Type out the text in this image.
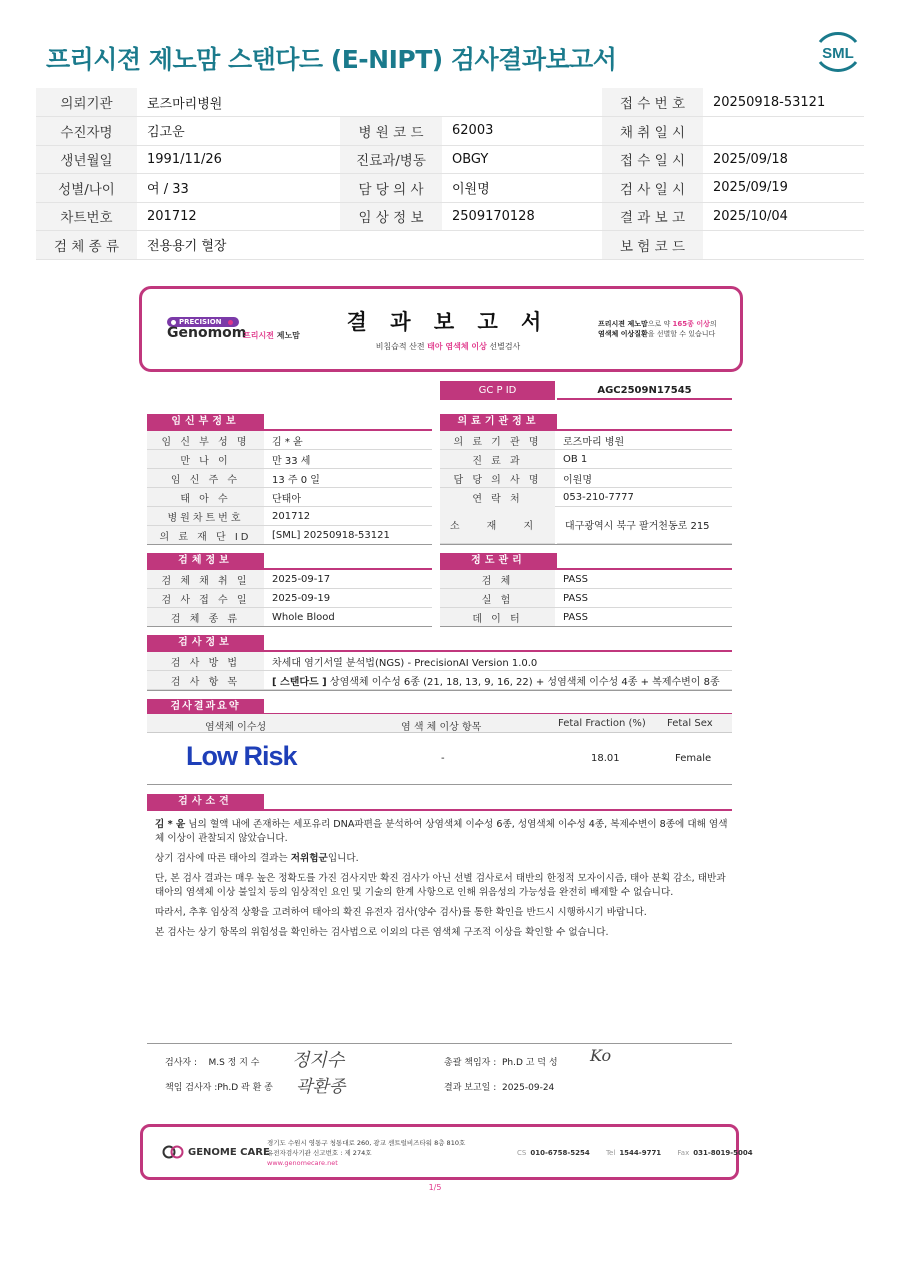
프리시젼 제노맘 스탠다드 (E-NIPT) 검사결과보고서	SML
의뢰기관	로즈마리병원			접 수 번 호	20250918-53121
수진자명	김고운	병 원 코 드	62003	채 취 일 시	
생년월일	1991/11/26	진료과/병동	OBGY	접 수 일 시	2025/09/18
성별/나이	여 / 33	담 당 의 사	이원명	검 사 일 시	2025/09/19
차트번호	201712	임 상 정 보	2509170128	결 과 보 고	2025/10/04
검 체 종 류	전용용기 혈장			보 험 코 드	
PRECISION
Genomom
프리시젼 제노맘
결 과 보 고 서
비침습적 산전 태아 염색체 이상 선별검사
프리시젼 제노맘으로 약 165종 이상의
염색체 이상질환을 선별할 수 있습니다
GC P ID	AGC2509N17545
임신부정보
임 신 부 성 명	김 * 윤
만 나 이	만 33 세
임 신 주 수	13 주 0 일
태 아 수	단태아
병원차트번호	201712
의 료 재 단 ID	[SML] 20250918-53121
의료기관정보
의 료 기 관 명	로즈마리 병원
진 료 과	OB 1
담 당 의 사 명	이원명
연 락 처	053-210-7777
소 재 지	대구광역시 북구 팔거천동로 215
검체정보
검 체 채 취 일	2025-09-17
검 사 접 수 일	2025-09-19
검 체 종 류	Whole Blood
정도관리
검 체	PASS
실 험	PASS
데 이 터	PASS
검사정보
검 사 방 법	차세대 염기서열 분석법(NGS) - PrecisionAI Version 1.0.0
검 사 항 목	[ 스탠다드 ] 상염색체 이수성 6종 (21, 18, 13, 9, 16, 22) + 성염색체 이수성 4종 + 복제수변이 8종
검사결과요약
염색체 이수성	염 색 체 이상 항목	Fetal Fraction (%) Fetal Sex
Low Risk	-	18.01	Female
검사소견
김 * 윤 님의 혈액 내에 존재하는 세포유리 DNA파편을 분석하여 상염색체 이수성 6종, 성염색체 이수성 4종, 복제수변이 8종에 대해 염색체 이상이 관찰되지 않았습니다.
상기 검사에 따른 태아의 결과는 저위험군입니다.
단, 본 검사 결과는 매우 높은 정확도를 가진 검사지만 확진 검사가 아닌 선별 검사로서 태반의 한정적 모자이시즘, 태아 분획 감소, 태반과 태아의 염색체 이상 불일치 등의 임상적인 요인 및 기술의 한계 사항으로 인해 위음성의 가능성을 완전히 배제할 수 없습니다.
따라서, 추후 임상적 상황을 고려하여 태아의 확진 유전자 검사(양수 검사)를 통한 확인을 반드시 시행하시기 바랍니다.
본 검사는 상기 항목의 위험성을 확인하는 검사법으로 이외의 다른 염색체 구조적 이상을 확인할 수 없습니다.
검사자 : M.S 정 지 수 정지수
책임 검사자 :Ph.D 곽 환 종 곽환종
총괄 책임자 : Ph.D 고 덕 성 Ko
결과 보고일 : 2025-09-24
GENOME CARE
경기도 수원시 영통구 청통대로 260, 광교 센트럴비즈타워 8층 810호
유전자검사기관 신고번호 : 제 274호
www.genomecare.net
CS 010-6758-5254 Tel 1544-9771 Fax 031-8019-5004
1/5
